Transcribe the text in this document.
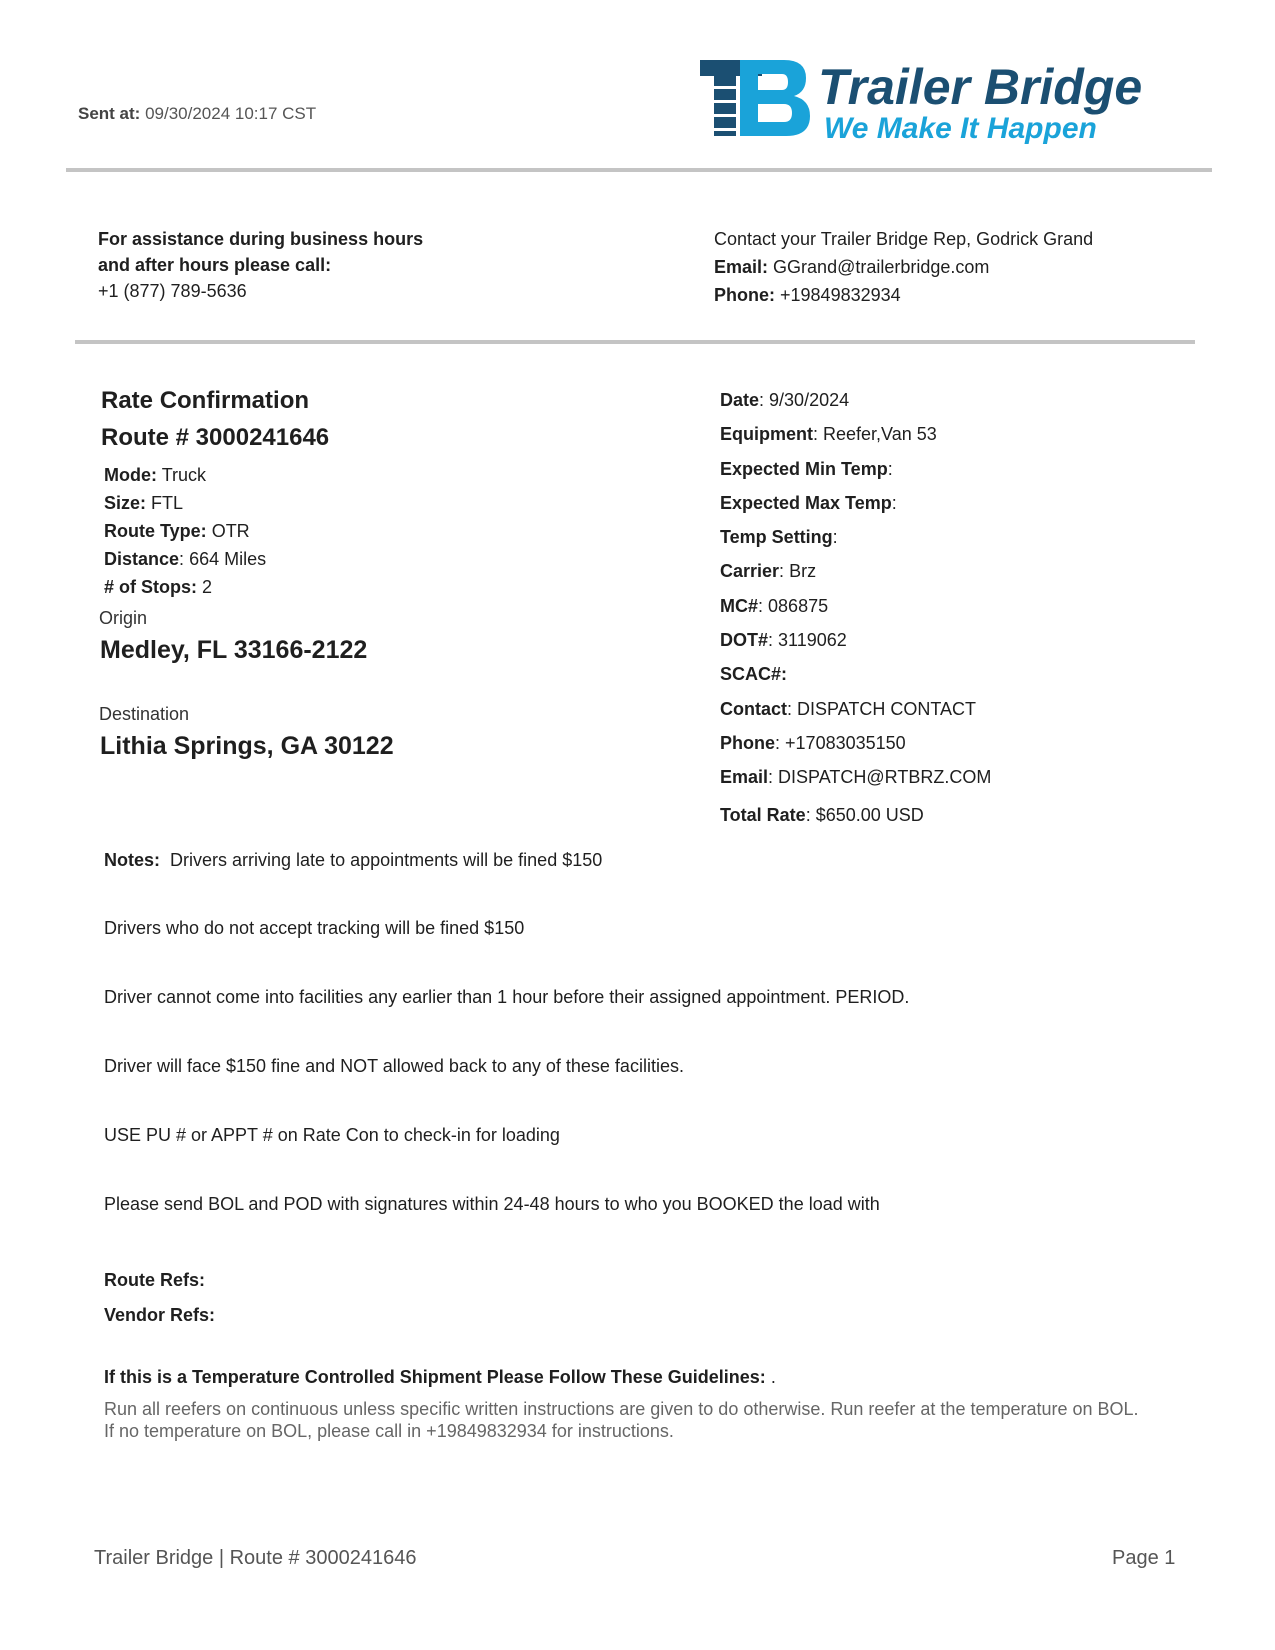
Sent at: 09/30/2024 10:17 CST	Trailer Bridge
We Make It Happen
For assistance during business hours
and after hours please call:
+1 (877) 789-5636
Contact your Trailer Bridge Rep, Godrick Grand
Email: GGrand@trailerbridge.com
Phone: +19849832934
Rate Confirmation
Route # 3000241646
Mode: Truck
Size: FTL
Route Type: OTR
Distance: 664 Miles
# of Stops: 2
Origin
Medley, FL 33166-2122
Destination
Lithia Springs, GA 30122
Date: 9/30/2024
Equipment: Reefer,Van 53
Expected Min Temp:
Expected Max Temp:
Temp Setting:
Carrier: Brz
MC#: 086875
DOT#: 3119062
SCAC#:
Contact: DISPATCH CONTACT
Phone: +17083035150
Email: DISPATCH@RTBRZ.COM
Total Rate: $650.00 USD
Notes: Drivers arriving late to appointments will be fined $150
Drivers who do not accept tracking will be fined $150
Driver cannot come into facilities any earlier than 1 hour before their assigned appointment. PERIOD.
Driver will face $150 fine and NOT allowed back to any of these facilities.
USE PU # or APPT # on Rate Con to check-in for loading
Please send BOL and POD with signatures within 24-48 hours to who you BOOKED the load with
Route Refs:
Vendor Refs:
If this is a Temperature Controlled Shipment Please Follow These Guidelines: .
Run all reefers on continuous unless specific written instructions are given to do otherwise. Run reefer at the temperature on BOL.
If no temperature on BOL, please call in +19849832934 for instructions.
Trailer Bridge | Route # 3000241646	Page 1
